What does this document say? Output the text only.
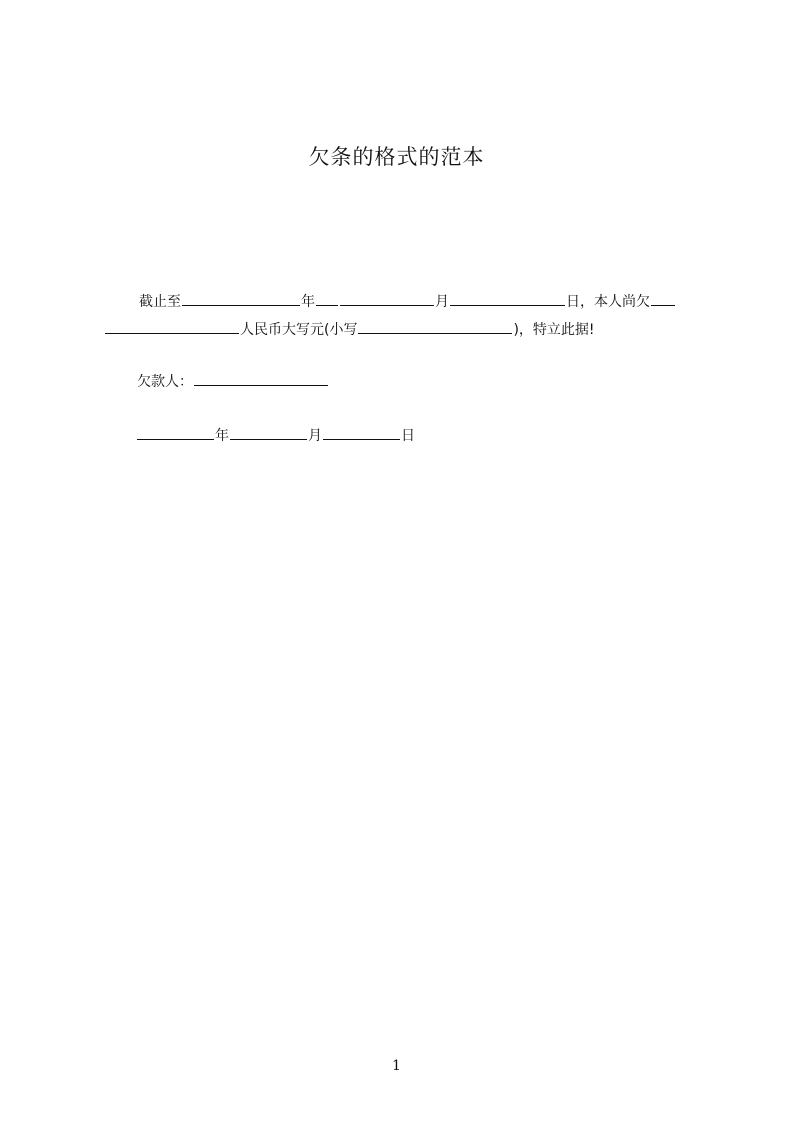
欠条的格式的范本
截止至	年	月	日，本人尚欠
人民币大写元(小写	)，特立此据!
欠款人：
年	月	日
1
